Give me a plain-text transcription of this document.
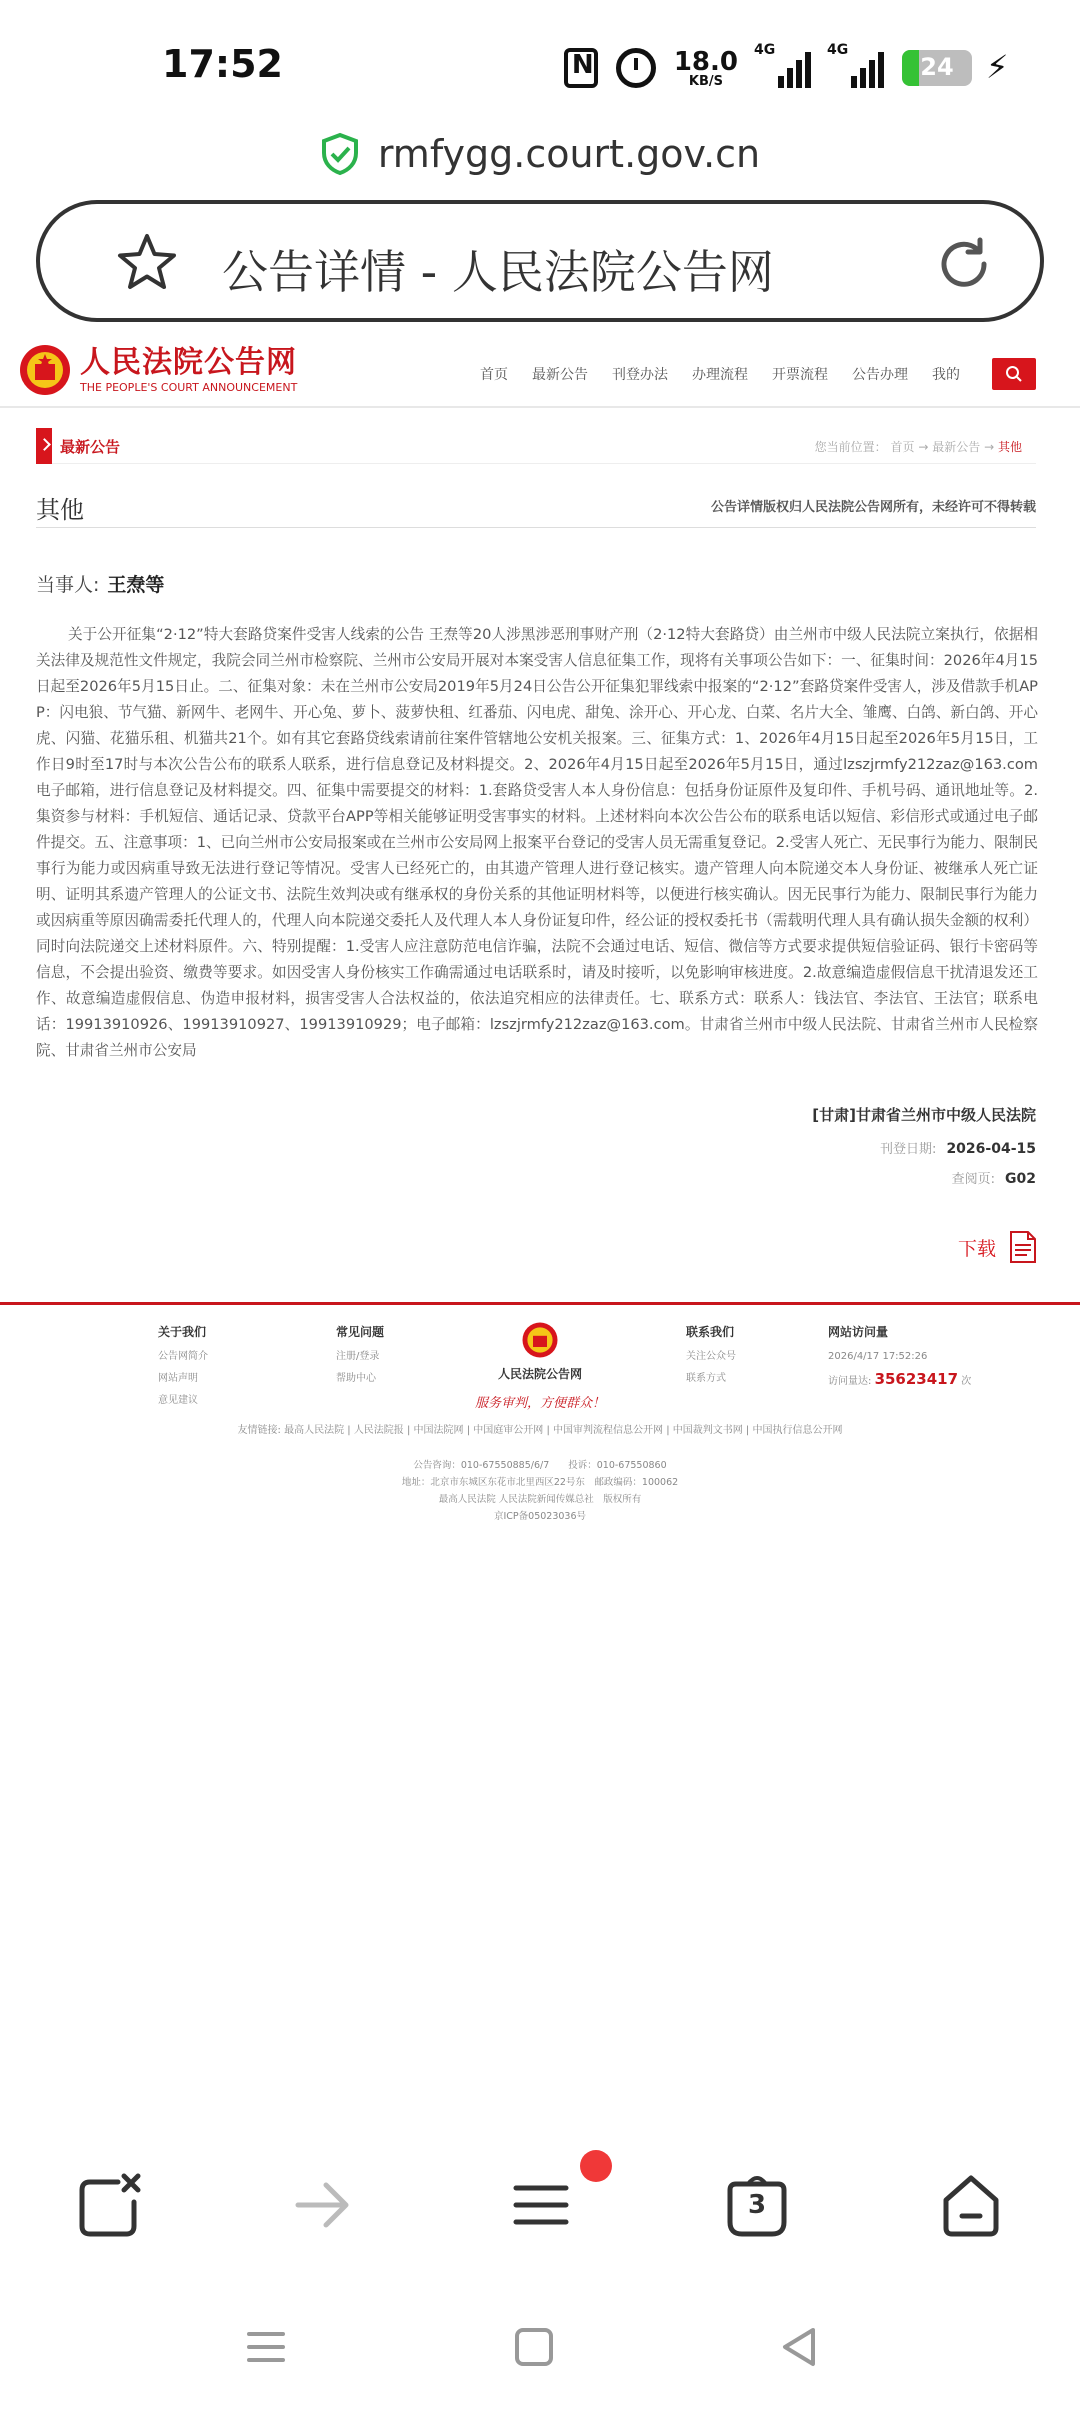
17:52
N	18.0
KB/S
4G	4G
24
⚡
rmfygg.court.gov.cn
公告详情 - 人民法院公告网
人民法院公告网
THE PEOPLE'S COURT ANNOUNCEMENT
首页 最新公告 刊登办法 办理流程 开票流程 公告办理 我的
最新公告	您当前位置： 首页 → 最新公告 → 其他
其他	公告详情版权归人民法院公告网所有，未经许可不得转载
当事人: 王焘等
关于公开征集“2·12”特大套路贷案件受害人线索的公告 王焘等20人涉黑涉恶刑事财产刑（2·12特大套路贷）由兰州市中级人民法院立案执行，依据相关法律及规范性文件规定，我院会同兰州市检察院、兰州市公安局开展对本案受害人信息征集工作，现将有关事项公告如下：一、征集时间：2026年4月15日起至2026年5月15日止。二、征集对象：未在兰州市公安局2019年5月24日公告公开征集犯罪线索中报案的“2·12”套路贷案件受害人，涉及借款手机APP：闪电狼、节气猫、新网牛、老网牛、开心兔、萝卜、菠萝快租、红番茄、闪电虎、甜兔、涂开心、开心龙、白菜、名片大全、雏鹰、白鸽、新白鸽、开心虎、闪猫、花猫乐租、机猫共21个。如有其它套路贷线索请前往案件管辖地公安机关报案。三、征集方式：1、2026年4月15日起至2026年5月15日，工作日9时至17时与本次公告公布的联系人联系，进行信息登记及材料提交。2、2026年4月15日起至2026年5月15日，通过lzszjrmfy212zaz@163.com电子邮箱，进行信息登记及材料提交。四、征集中需要提交的材料：1.套路贷受害人本人身份信息：包括身份证原件及复印件、手机号码、通讯地址等。2.集资参与材料：手机短信、通话记录、贷款平台APP等相关能够证明受害事实的材料。上述材料向本次公告公布的联系电话以短信、彩信形式或通过电子邮件提交。五、注意事项：1、已向兰州市公安局报案或在兰州市公安局网上报案平台登记的受害人员无需重复登记。2.受害人死亡、无民事行为能力、限制民事行为能力或因病重导致无法进行登记等情况。受害人已经死亡的，由其遗产管理人进行登记核实。遗产管理人向本院递交本人身份证、被继承人死亡证明、证明其系遗产管理人的公证文书、法院生效判决或有继承权的身份关系的其他证明材料等，以便进行核实确认。因无民事行为能力、限制民事行为能力或因病重等原因确需委托代理人的，代理人向本院递交委托人及代理人本人身份证复印件，经公证的授权委托书（需载明代理人具有确认损失金额的权利）同时向法院递交上述材料原件。六、特别提醒：1.受害人应注意防范电信诈骗，法院不会通过电话、短信、微信等方式要求提供短信验证码、银行卡密码等信息，不会提出验资、缴费等要求。如因受害人身份核实工作确需通过电话联系时，请及时接听，以免影响审核进度。2.故意编造虚假信息干扰清退发还工作、故意编造虚假信息、伪造申报材料，损害受害人合法权益的，依法追究相应的法律责任。七、联系方式：联系人：钱法官、李法官、王法官；联系电话：19913910926、19913910927、19913910929；电子邮箱：lzszjrmfy212zaz@163.com。甘肃省兰州市中级人民法院、甘肃省兰州市人民检察院、甘肃省兰州市公安局
[甘肃]甘肃省兰州市中级人民法院
刊登日期: 2026-04-15
查阅页: G02
下载
关于我们
公告网简介
网站声明
意见建议
常见问题
注册/登录
帮助中心	人民法院公告网
服务审判，方便群众！
联系我们
关注公众号
联系方式
网站访问量
2026/4/17 17:52:26
访问量达: 35623417 次
友情链接: 最高人民法院 | 人民法院报 | 中国法院网 | 中国庭审公开网 | 中国审判流程信息公开网 | 中国裁判文书网 | 中国执行信息公开网
公告咨询：010-67550885/6/7　　投诉：010-67550860
地址：北京市东城区东花市北里西区22号东　邮政编码：100062
最高人民法院 人民法院新闻传媒总社　版权所有
京ICP备05023036号
3
